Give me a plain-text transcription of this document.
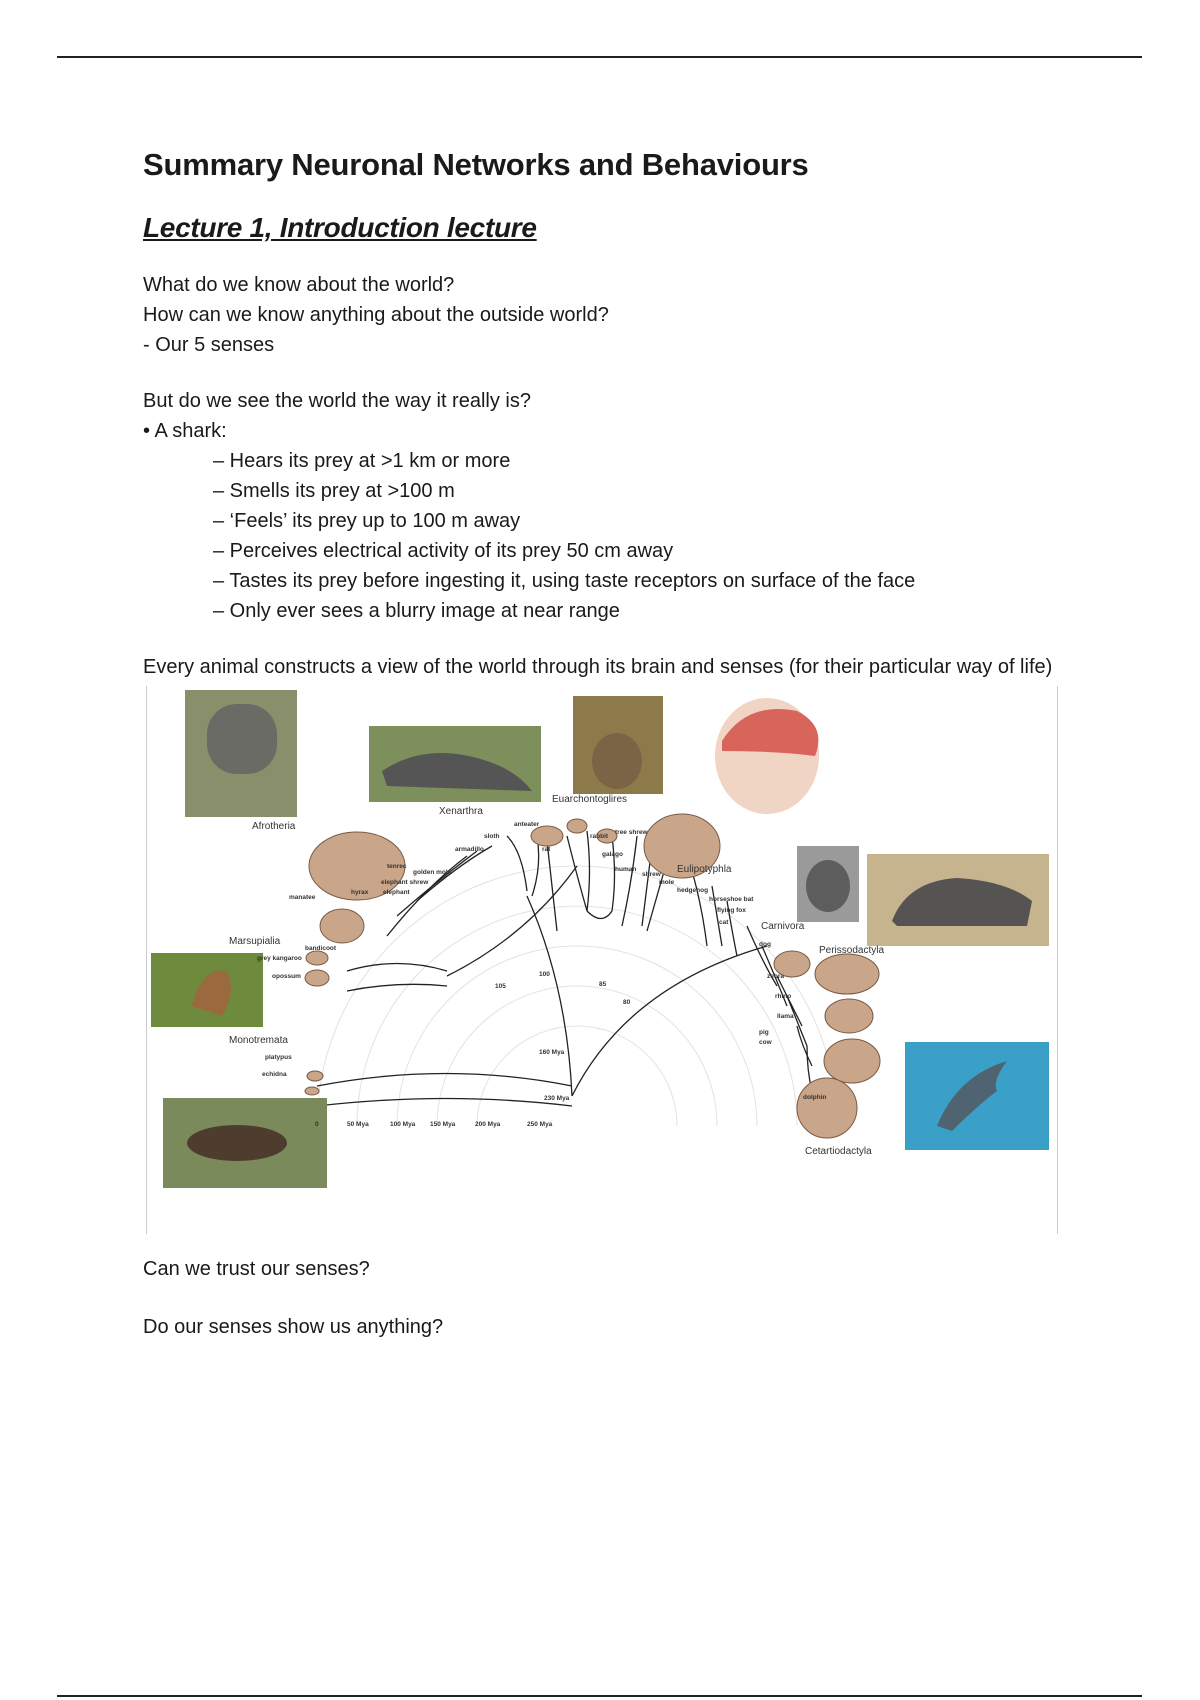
Summary Neuronal Networks and Behaviours
Lecture 1, Introduction lecture

What do we know about the world?

How can we know anything about the outside world?

- Our 5 senses

But do we see the world the way it really is?

• A shark:

– Hears its prey at >1 km or more

– Smells its prey at >100 m

– ‘Feels’ its prey up to 100 m away

– Perceives electrical activity of its prey 50 cm away

– Tastes its prey before ingesting it, using taste receptors on surface of the face

– Only ever sees a blurry image at near range

Every animal constructs a view of the world through its brain and senses (for their particular way of life)

Afrotheria
Xenarthra
Euarchontoglires
Eulipotyphla
Carnivora
Perissodactyla
Marsupialia
Monotremata
Cetartiodactyla
anteater
sloth
armadillo
rabbit
rat
tree shrew
galago
human
shrew
mole
hedgehog
horseshoe bat
flying fox
cat
dog
zebra
rhino
llama
pig
cow
dolphin
tenrec
golden mole
elephant shrew
hyrax elephant
manatee
bandicoot
grey kangaroo
opossum
platypus
echidna
0	50 Mya	100 Mya 150 Mya	200 Mya	250 Mya
230 Mya
160 Mya
105
100
85
80

Can we trust our senses?

Do our senses show us anything?
